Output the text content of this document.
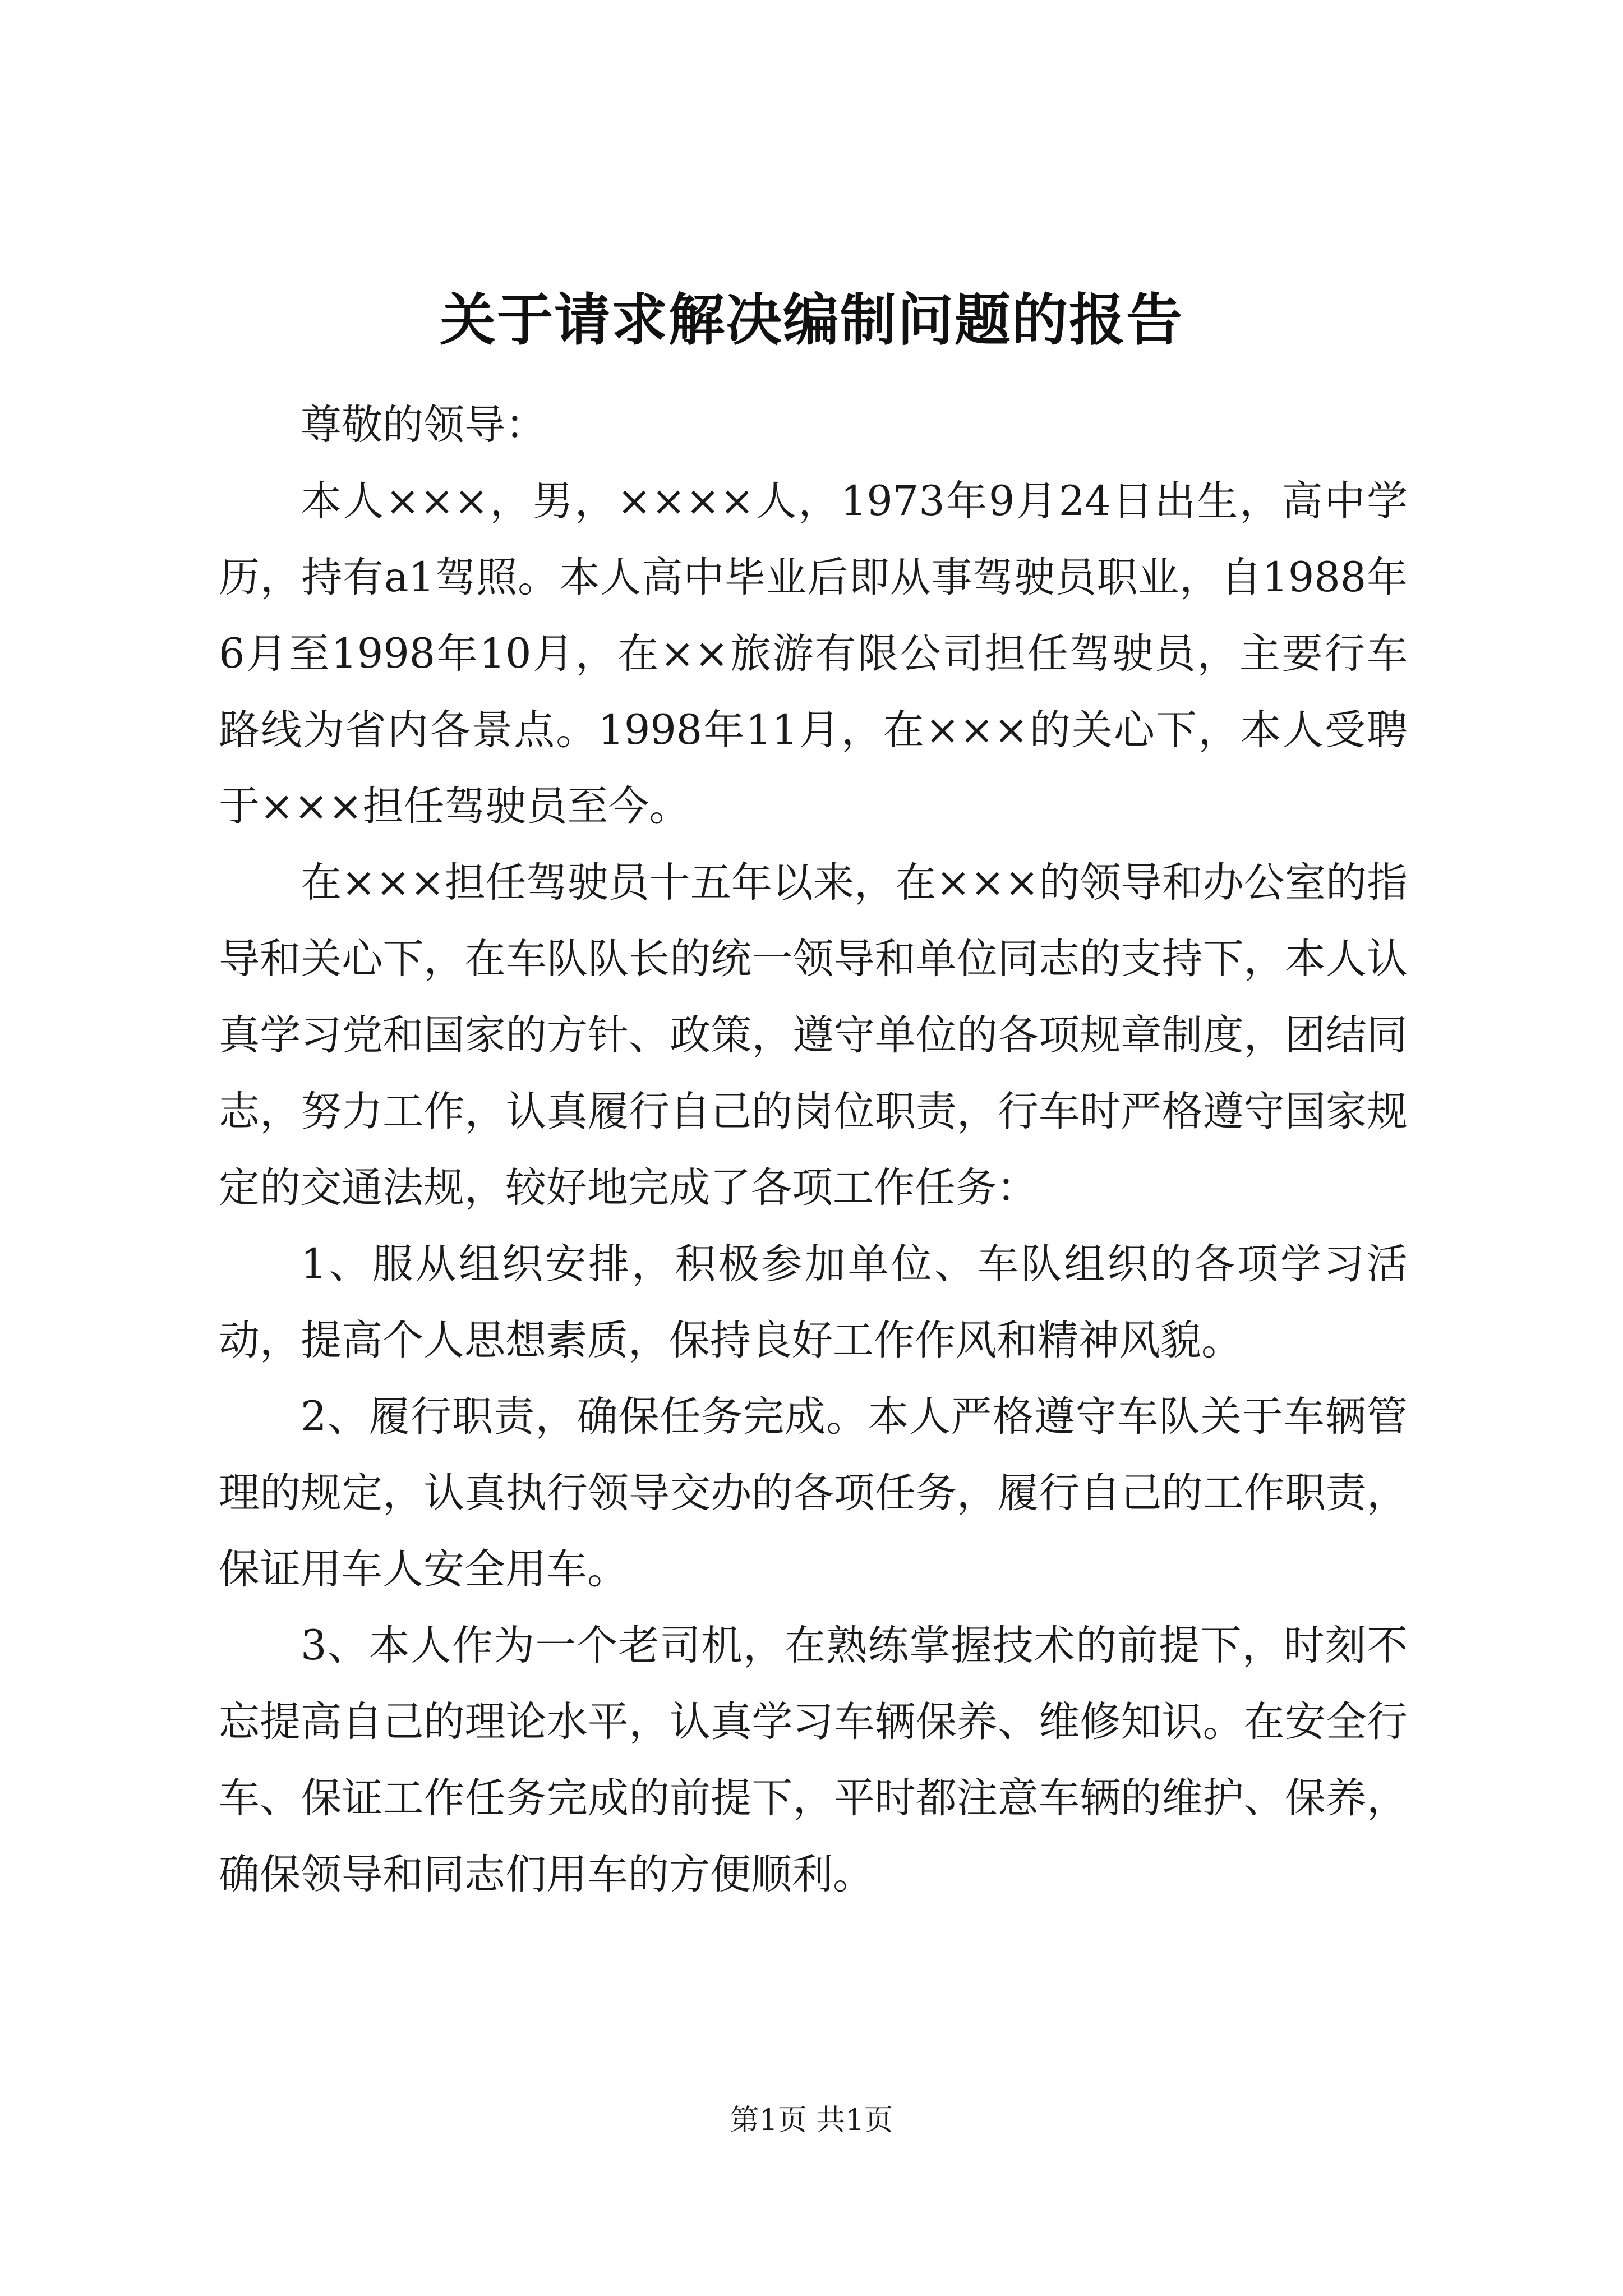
关于请求解决编制问题的报告

尊敬的领导：

本人×××，男，××××人，1973年9月24日出生，高中学历，持有a1驾照。本人高中毕业后即从事驾驶员职业，自1988年6月至1998年10月，在××旅游有限公司担任驾驶员，主要行车路线为省内各景点。1998年11月，在×××的关心下，本人受聘于×××担任驾驶员至今。

在×××担任驾驶员十五年以来，在×××的领导和办公室的指导和关心下，在车队队长的统一领导和单位同志的支持下，本人认真学习党和国家的方针、政策，遵守单位的各项规章制度，团结同志，努力工作，认真履行自己的岗位职责，行车时严格遵守国家规定的交通法规，较好地完成了各项工作任务：

1、服从组织安排，积极参加单位、车队组织的各项学习活动，提高个人思想素质，保持良好工作作风和精神风貌。

2、履行职责，确保任务完成。本人严格遵守车队关于车辆管理的规定，认真执行领导交办的各项任务，履行自己的工作职责，保证用车人安全用车。

3、本人作为一个老司机，在熟练掌握技术的前提下，时刻不忘提高自己的理论水平，认真学习车辆保养、维修知识。在安全行车、保证工作任务完成的前提下，平时都注意车辆的维护、保养，确保领导和同志们用车的方便顺利。

第1页 共1页
